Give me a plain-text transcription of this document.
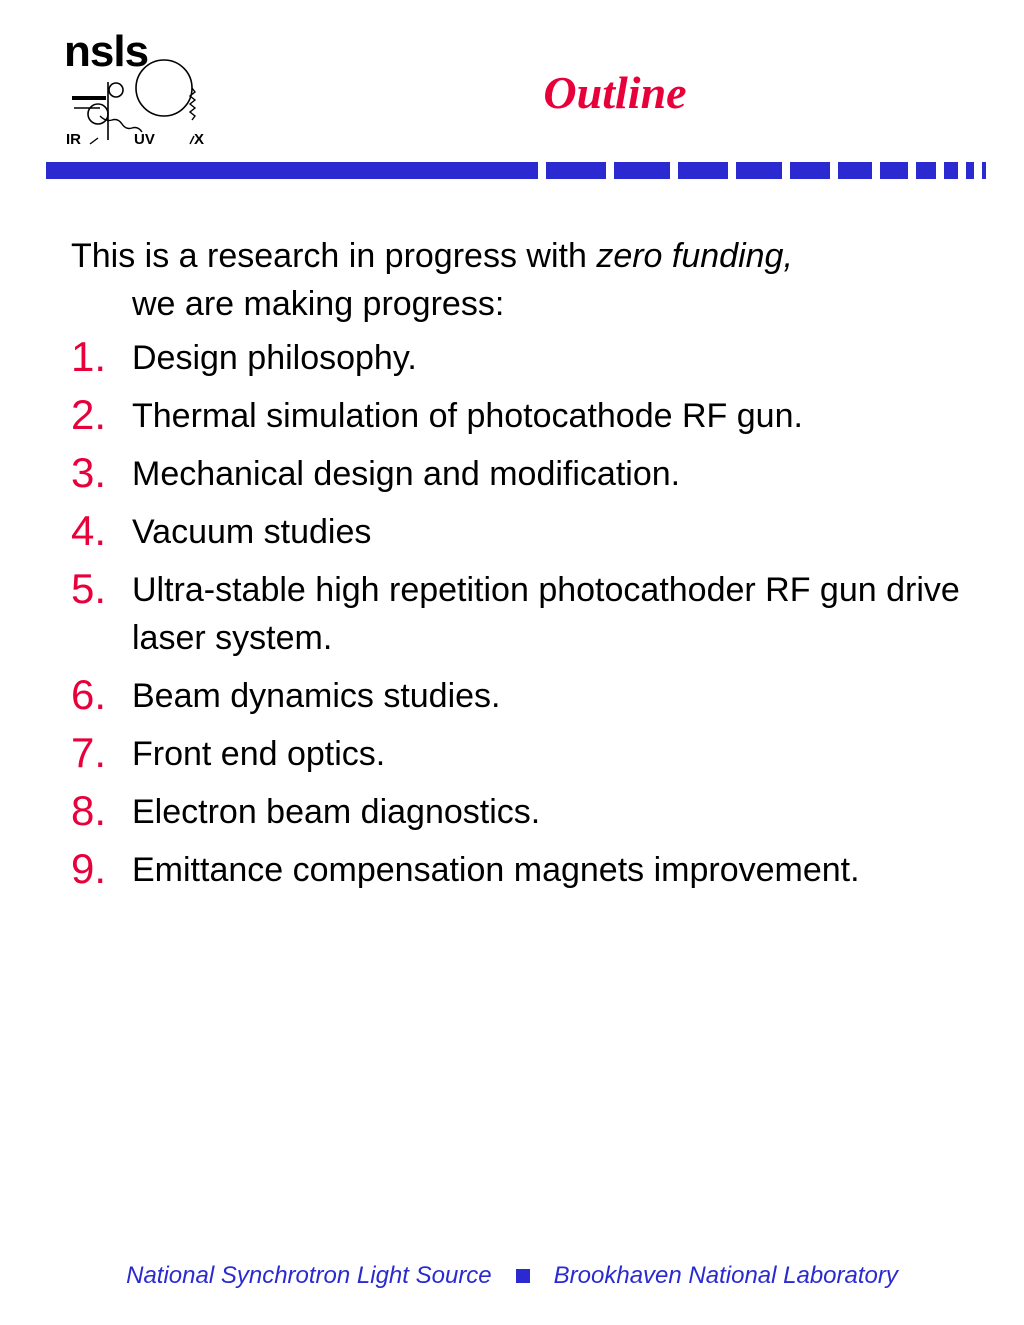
nsls
IR	UV	X
Outline
This is a research in progress with zero funding,
we are making progress:
1. Design philosophy.
2. Thermal simulation of photocathode RF gun.
3. Mechanical design and modification.
4. Vacuum studies
5. Ultra-stable high repetition photocathoder RF gun drive laser system.
6. Beam dynamics studies.
7. Front end optics.
8. Electron beam diagnostics.
9. Emittance compensation magnets improvement.
National Synchrotron Light Source	Brookhaven National Laboratory
